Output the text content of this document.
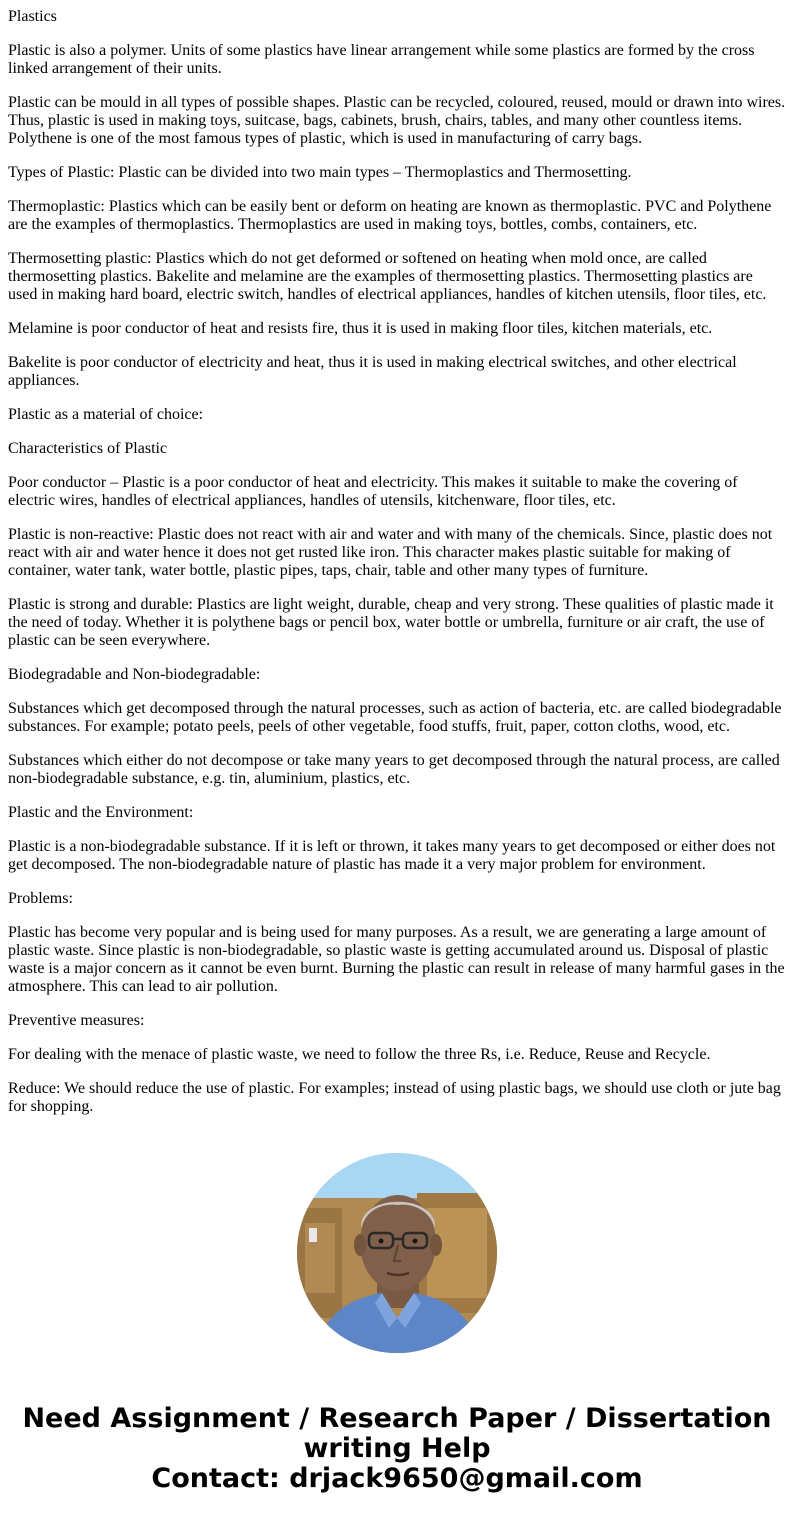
Plastics

Plastic is also a polymer. Units of some plastics have linear arrangement while some plastics are formed by the cross linked arrangement of their units.

Plastic can be mould in all types of possible shapes. Plastic can be recycled, coloured, reused, mould or drawn into wires. Thus, plastic is used in making toys, suitcase, bags, cabinets, brush, chairs, tables, and many other countless items. Polythene is one of the most famous types of plastic, which is used in manufacturing of carry bags.

Types of Plastic: Plastic can be divided into two main types – Thermoplastics and Thermosetting.

Thermoplastic: Plastics which can be easily bent or deform on heating are known as thermoplastic. PVC and Polythene are the examples of thermoplastics. Thermoplastics are used in making toys, bottles, combs, containers, etc.

Thermosetting plastic: Plastics which do not get deformed or softened on heating when mold once, are called thermosetting plastics. Bakelite and melamine are the examples of thermosetting plastics. Thermosetting plastics are used in making hard board, electric switch, handles of electrical appliances, handles of kitchen utensils, floor tiles, etc.

Melamine is poor conductor of heat and resists fire, thus it is used in making floor tiles, kitchen materials, etc.

Bakelite is poor conductor of electricity and heat, thus it is used in making electrical switches, and other electrical appliances.

Plastic as a material of choice:

Characteristics of Plastic

Poor conductor – Plastic is a poor conductor of heat and electricity. This makes it suitable to make the covering of electric wires, handles of electrical appliances, handles of utensils, kitchenware, floor tiles, etc.

Plastic is non-reactive: Plastic does not react with air and water and with many of the chemicals. Since, plastic does not react with air and water hence it does not get rusted like iron. This character makes plastic suitable for making of container, water tank, water bottle, plastic pipes, taps, chair, table and other many types of furniture.

Plastic is strong and durable: Plastics are light weight, durable, cheap and very strong. These qualities of plastic made it the need of today. Whether it is polythene bags or pencil box, water bottle or umbrella, furniture or air craft, the use of plastic can be seen everywhere.

Biodegradable and Non-biodegradable:

Substances which get decomposed through the natural processes, such as action of bacteria, etc. are called biodegradable substances. For example; potato peels, peels of other vegetable, food stuffs, fruit, paper, cotton cloths, wood, etc.

Substances which either do not decompose or take many years to get decomposed through the natural process, are called non-biodegradable substance, e.g. tin, aluminium, plastics, etc.

Plastic and the Environment:

Plastic is a non-biodegradable substance. If it is left or thrown, it takes many years to get decomposed or either does not get decomposed. The non-biodegradable nature of plastic has made it a very major problem for environment.

Problems:

Plastic has become very popular and is being used for many purposes. As a result, we are generating a large amount of plastic waste. Since plastic is non-biodegradable, so plastic waste is getting accumulated around us. Disposal of plastic waste is a major concern as it cannot be even burnt. Burning the plastic can result in release of many harmful gases in the atmosphere. This can lead to air pollution.

Preventive measures:

For dealing with the menace of plastic waste, we need to follow the three Rs, i.e. Reduce, Reuse and Recycle.

Reduce: We should reduce the use of plastic. For examples; instead of using plastic bags, we should use cloth or jute bag for shopping.

Need Assignment / Research Paper / Dissertation
writing Help
Contact: drjack9650@gmail.com
